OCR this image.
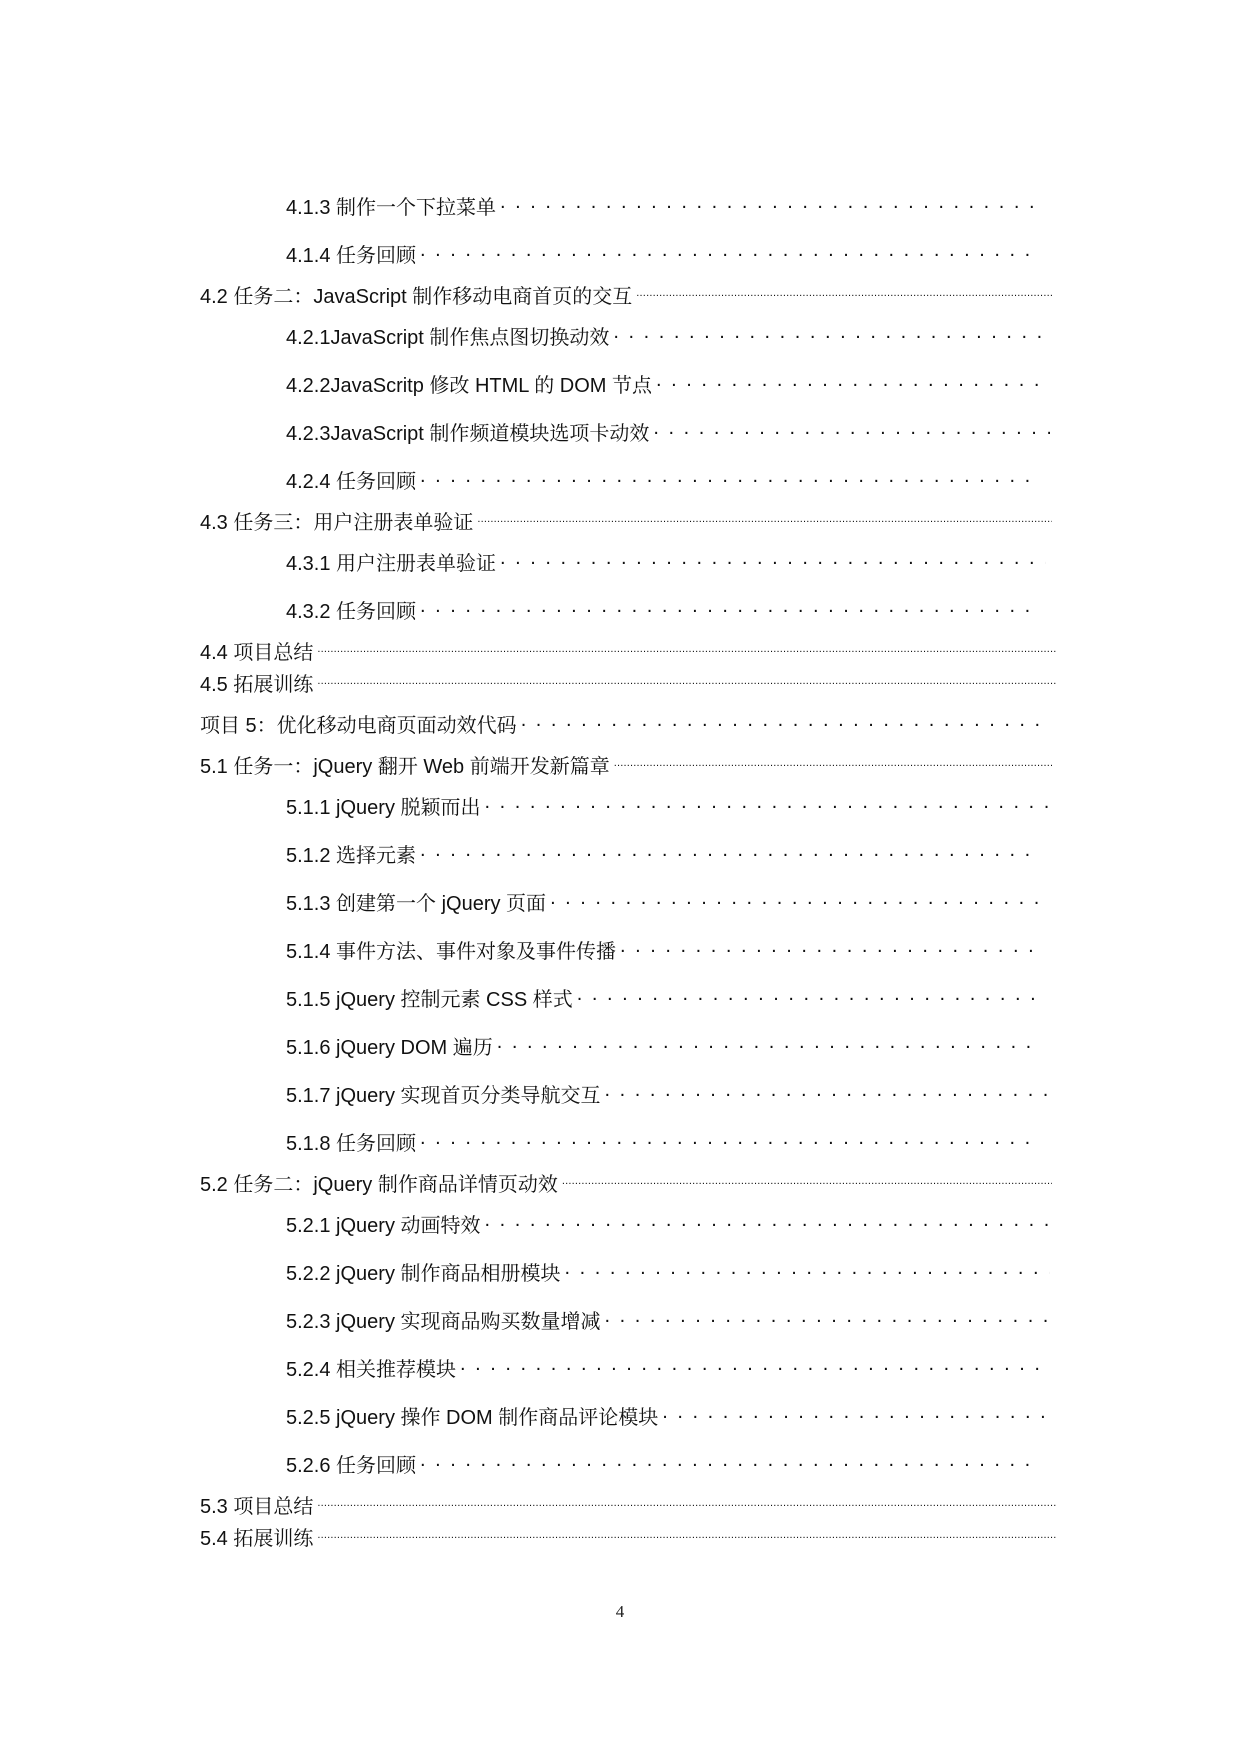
4.1.3 制作一个下拉菜单
. . .
4.1.4 任务回顾
. . .
4.2 任务二：JavaScript 制作移动电商首页的交互
.....
4.2.1JavaScript 制作焦点图切换动效
. . .
4.2.2JavaScritp 修改 HTML 的 DOM 节点
. . .
4.2.3JavaScript 制作频道模块选项卡动效
. . .
4.2.4 任务回顾
. . .
4.3 任务三：用户注册表单验证
.....
4.3.1 用户注册表单验证
. . .
4.3.2 任务回顾
. . .
4.4 项目总结
.....
4.5 拓展训练
.....
项目 5：优化移动电商页面动效代码
. . .
5.1 任务一：jQuery 翻开 Web 前端开发新篇章
.....
5.1.1 jQuery 脱颖而出
. . .
5.1.2 选择元素
. . .
5.1.3 创建第一个 jQuery 页面
. . .
5.1.4 事件方法、事件对象及事件传播
. . .
5.1.5 jQuery 控制元素 CSS 样式
. . .
5.1.6 jQuery DOM 遍历
. . .
5.1.7 jQuery 实现首页分类导航交互
. . .
5.1.8 任务回顾
. . .
5.2 任务二：jQuery 制作商品详情页动效
.....
5.2.1 jQuery 动画特效
. . .
5.2.2 jQuery 制作商品相册模块
. . .
5.2.3 jQuery 实现商品购买数量增减
. . .
5.2.4 相关推荐模块
. . .
5.2.5 jQuery 操作 DOM 制作商品评论模块
. . .
5.2.6 任务回顾
. . .
5.3 项目总结
.....
5.4 拓展训练
.....
4
